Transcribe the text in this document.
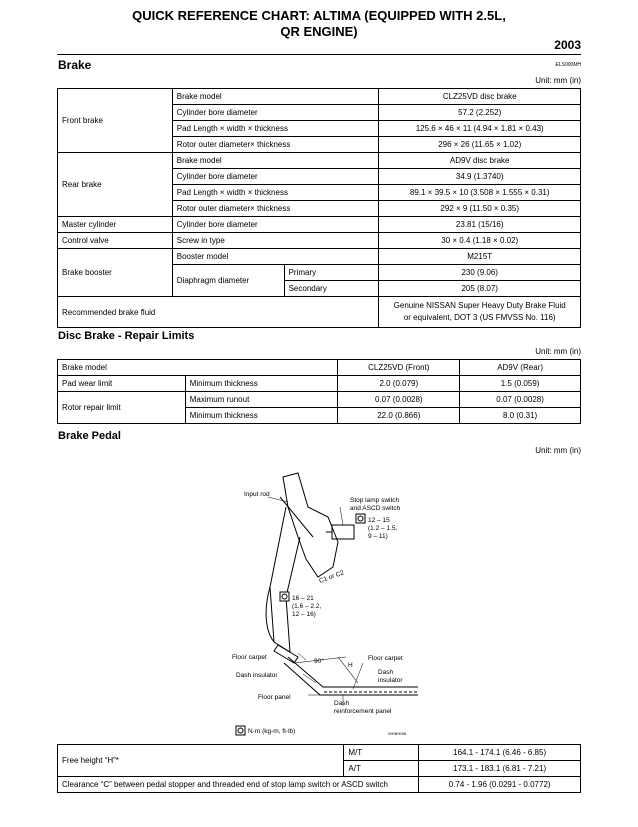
QUICK REFERENCE CHART: ALTIMA (EQUIPPED WITH 2.5L,
QR ENGINE)
2003
Brake	ELS000MH
Unit: mm (in)
Front brake	Brake model		CLZ25VD disc brake
	Cylinder bore diameter		57.2 (2.252)
	Pad Length × width × thickness		125.6 × 46 × 11 (4.94 × 1.81 × 0.43)
	Rotor outer diameter× thickness		296 × 26 (11.65 × 1.02)
Rear brake	Brake model		AD9V disc brake
	Cylinder bore diameter		34.9 (1.3740)
	Pad Length × width × thickness		89.1 × 39.5 × 10 (3.508 × 1.555 × 0.31)
	Rotor outer diameter× thickness		292 × 9 (11.50 × 0.35)
Master cylinder	Cylinder bore diameter		23.81 (15/16)
Control valve	Screw in type		30 × 0.4 (1.18 × 0.02)
Brake booster	Booster model		M215T
	Diaphragm diameter	Primary	230 (9.06)
		Secondary	205 (8.07)
Recommended brake fluid			Genuine NISSAN Super Heavy Duty Brake Fluid
or equivalent, DOT 3 (US FMVSS No. 116)
Disc Brake - Repair Limits
Unit: mm (in)
Brake model		CLZ25VD (Front)	AD9V (Rear)
Pad wear limit	Minimum thickness	2.0 (0.079)	1.5 (0.059)
Rotor repair limit	Maximum runout	0.07 (0.0028)	0.07 (0.0028)
	Minimum thickness	22.0 (0.866)	8.0 (0.31)
Brake Pedal
Unit: mm (in)
Input rod
Stop lamp switch
and ASCD switch
12 – 15
(1.2 – 1.5,
9 – 11)
C1 or C2
16 – 21
(1.6 – 2.2,
12 – 16)
Floor carpet
90°
H
Floor carpet
Dash insulator	Dash
insulator
Floor panel
Dash
reinforcement panel
N·m (kg-m, ft-lb)	WHB0006
Free height “H”*	M/T	164.1 - 174.1 (6.46 - 6.85)
	A/T	173.1 - 183.1 (6.81 - 7.21)
Clearance “C” between pedal stopper and threaded end of stop lamp switch or ASCD switch		0.74 - 1.96 (0.0291 - 0.0772)
